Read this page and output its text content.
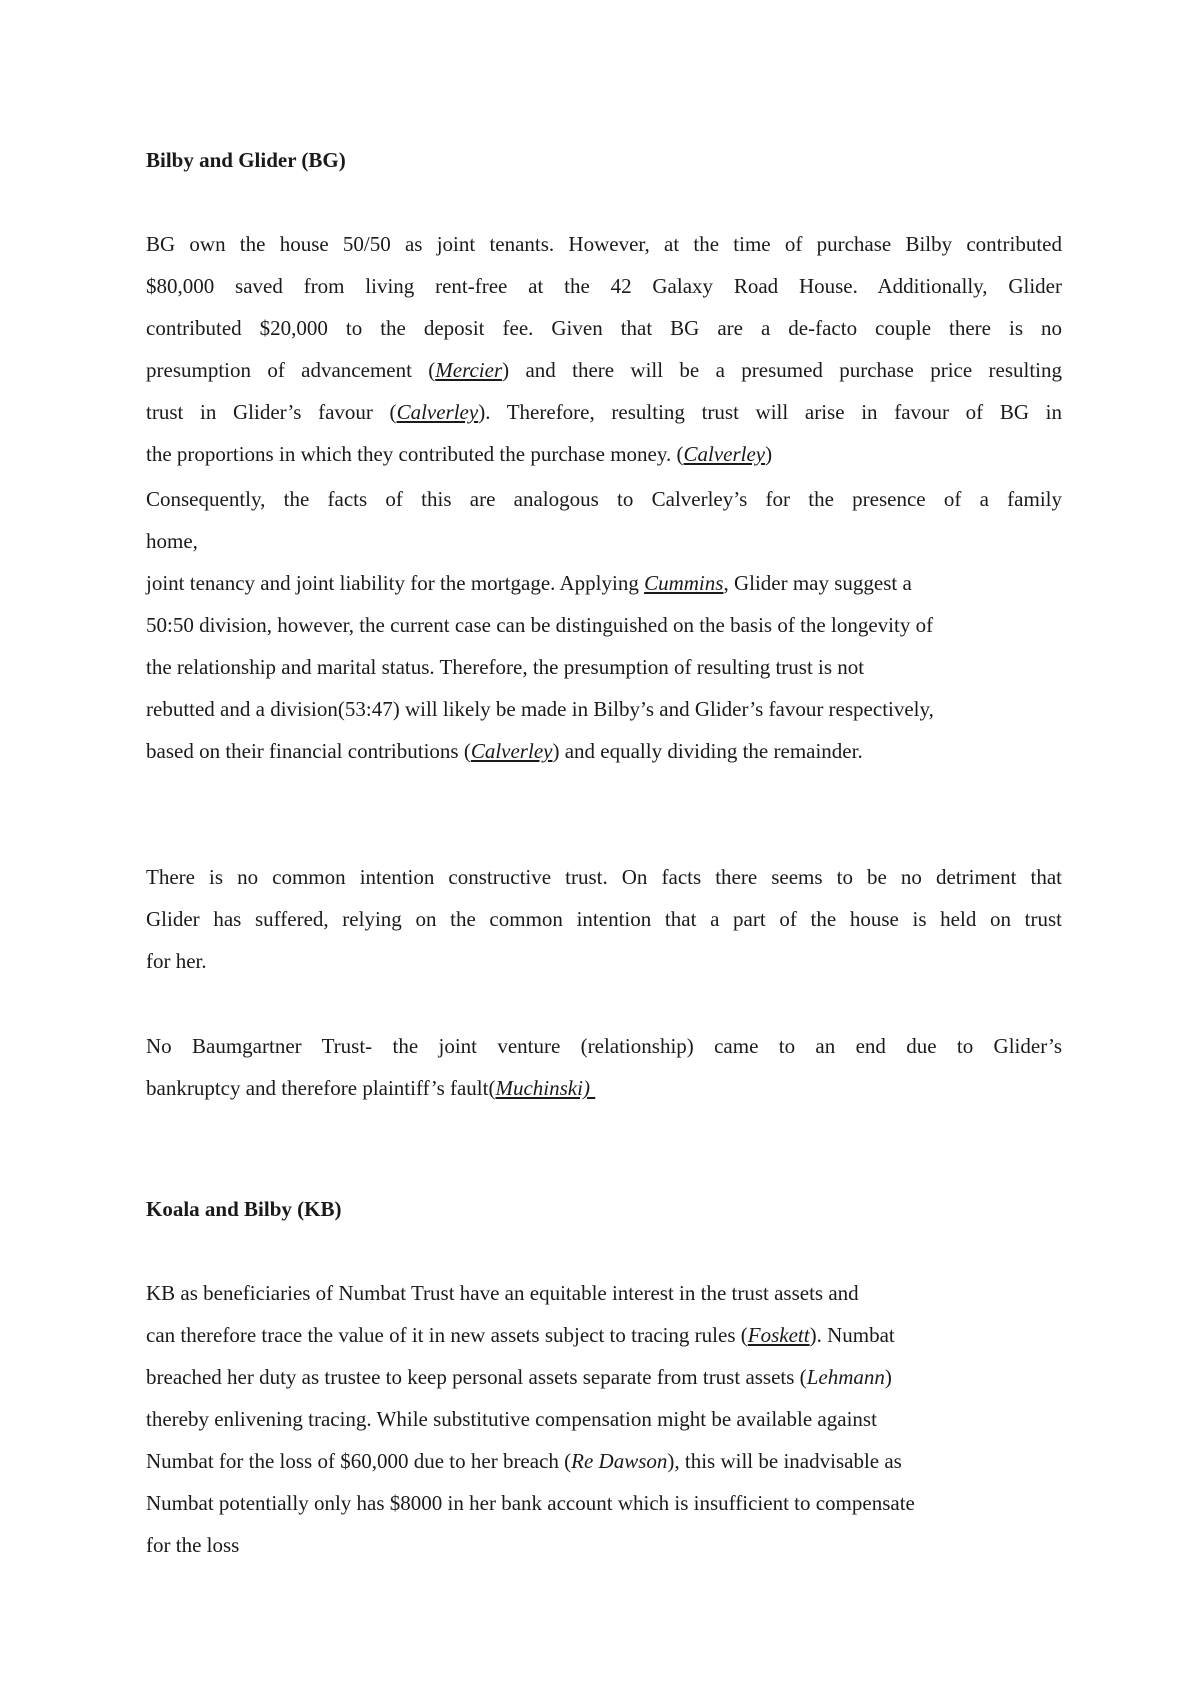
Bilby and Glider (BG)
BG own the house 50/50 as joint tenants. However, at the time of purchase Bilby contributed
$80,000 saved from living rent-free at the 42 Galaxy Road House. Additionally, Glider
contributed $20,000 to the deposit fee. Given that BG are a de-facto couple there is no
presumption of advancement (Mercier) and there will be a presumed purchase price resulting
trust in Glider’s favour (Calverley). Therefore, resulting trust will arise in favour of BG in
the proportions in which they contributed the purchase money. (Calverley)
Consequently, the facts of this are analogous to Calverley’s for the presence of a family
home,
joint tenancy and joint liability for the mortgage. Applying Cummins, Glider may suggest a
50:50 division, however, the current case can be distinguished on the basis of the longevity of
the relationship and marital status. Therefore, the presumption of resulting trust is not
rebutted and a division(53:47) will likely be made in Bilby’s and Glider’s favour respectively,
based on their financial contributions (Calverley) and equally dividing the remainder.
There is no common intention constructive trust. On facts there seems to be no detriment that
Glider has suffered, relying on the common intention that a part of the house is held on trust
for her.
No Baumgartner Trust- the joint venture (relationship) came to an end due to Glider’s
bankruptcy and therefore plaintiff’s fault(Muchinski)
Koala and Bilby (KB)
KB as beneficiaries of Numbat Trust have an equitable interest in the trust assets and
can therefore trace the value of it in new assets subject to tracing rules (Foskett). Numbat
breached her duty as trustee to keep personal assets separate from trust assets (Lehmann)
thereby enlivening tracing. While substitutive compensation might be available against
Numbat for the loss of $60,000 due to her breach (Re Dawson), this will be inadvisable as
Numbat potentially only has $8000 in her bank account which is insufficient to compensate
for the loss
